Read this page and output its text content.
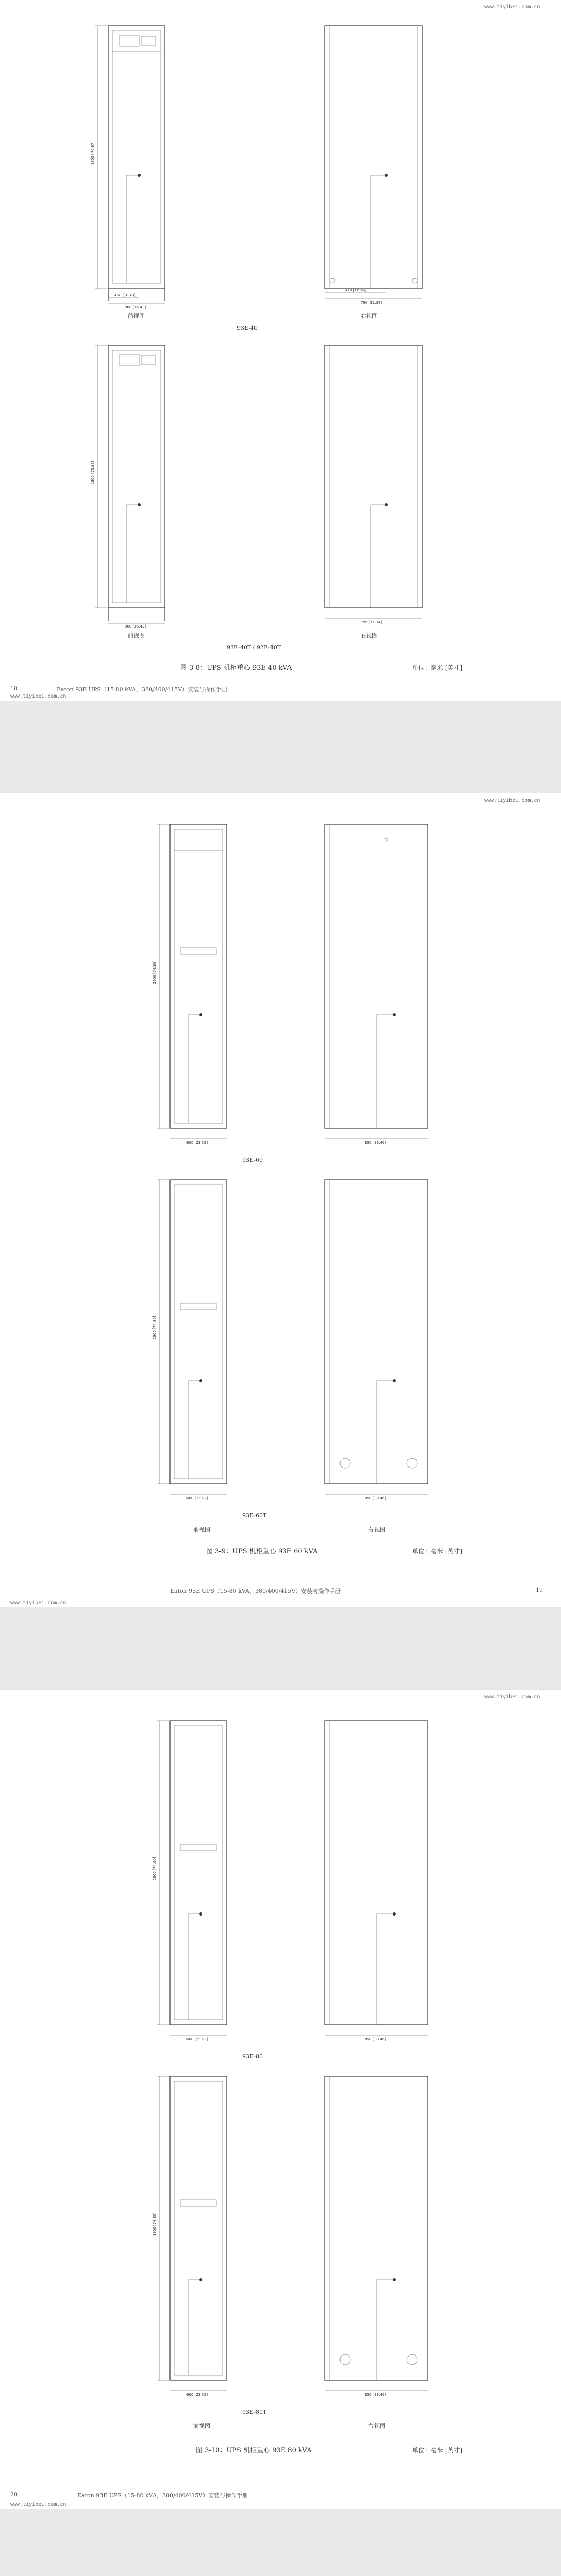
www.tiyibei.com.cn
1800 [70.87]
900 [35.43]
468 [18.43]
796 [31.34]
418 [16.46]
前视图	右视图
93E-40
1800 [70.87]
900 [35.43]
796 [31.34]
前视图	右视图
93E-40T / 93E-40T
图 3-8：UPS 机柜重心 93E 40 kVA	单位：毫米 [英寸]
18	Eaton 93E UPS（15-80 kVA，380/400/415V）安装与操作手册
www.tiyibei.com.cn
www.tiyibei.com.cn
1900 [74.80]
600 [23.62]	850 [33.46]
93E-60
1900 [74.80]
600 [23.62]	850 [33.46]
93E-60T
前视图	右视图
图 3-9：UPS 机柜重心 93E 60 kVA	单位：毫米 [英寸]
Eaton 93E UPS（15-80 kVA，380/400/415V）安装与操作手册	19
www.tiyibei.com.cn
www.tiyibei.com.cn
1900 [74.80]
600 [23.62]	850 [33.46]
93E-80
1900 [74.80]
600 [23.62]	850 [33.46]
93E-80T
前视图	右视图
图 3-10：UPS 机柜重心 93E 80 kVA	单位：毫米 [英寸]
20	Eaton 93E UPS（15-80 kVA，380/400/415V）安装与操作手册
www.tiyibei.com.cn
